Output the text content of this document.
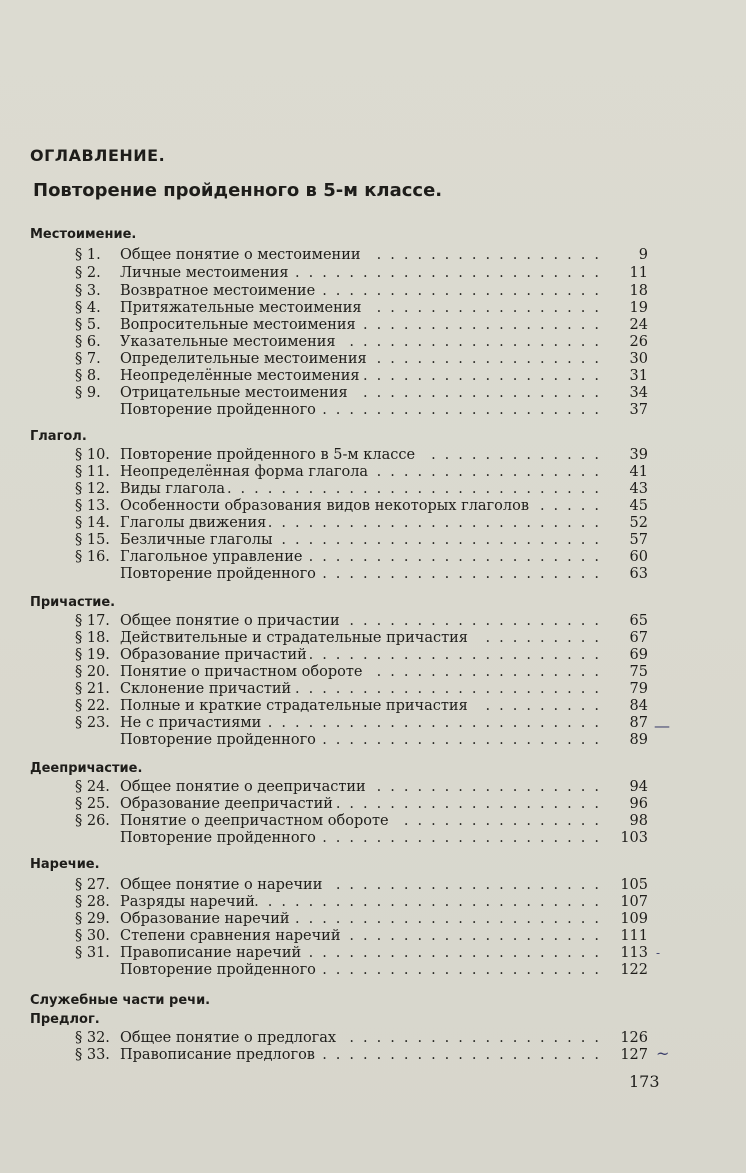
ОГЛАВЛЕНИЕ.
Повторение пройденного в 5-м классе.
Местоимение.
§ 1.	Общее понятие о местоимении .................	9
§ 2.	Личные местоимения .......................	11
§ 3.	Возвратное местоимение .....................	18
§ 4.	Притяжательные местоимения .................	19
§ 5.	Вопросительные местоимения ..................	24
§ 6.	Указательные местоимения ...................	26
§ 7.	Определительные местоимения .................	30
§ 8.	Неопределённые местоимения ..................	31
§ 9.	Отрицательные местоимения ..................	34
Повторение пройденного .....................	37
Глагол.
§ 10. Повторение пройденного в 5-м классе .............	39
§ 11. Неопределённая форма глагола .................	41
§ 12. Виды глагола ............................	43
§ 13. Особенности образования видов некоторых глаголов .....	45
§ 14. Глаголы движения .........................	52
§ 15. Безличные глаголы ........................	57
§ 16. Глагольное управление ......................	60
Повторение пройденного .....................	63
Причастие.
§ 17. Общее понятие о причастии ...................	65
§ 18. Действительные и страдательные причастия .........	67
§ 19. Образование причастий ......................	69
§ 20. Понятие о причастном обороте .................	75
§ 21. Склонение причастий .......................	79
§ 22. Полные и краткие страдательные причастия .........	84
§ 23. Не с причастиями .........................	87
Повторение пройденного .....................	89
Деепричастие.
§ 24. Общее понятие о деепричастии .................	94
§ 25. Образование деепричастий ....................	96
§ 26. Понятие о деепричастном обороте ...............	98
Повторение пройденного ..................... 103
Наречие.
§ 27. Общее понятие о наречии .................... 105
§ 28. Разряды наречий .......................... 107
§ 29. Образование наречий ....................... 109
§ 30. Степени сравнения наречий ................... 111
§ 31. Правописание наречий ...................... 113
Повторение пройденного ..................... 122
Служебные части речи.
Предлог.
§ 32. Общее понятие о предлогах ................... 126
§ 33. Правописание предлогов ..................... 127
173
—
-
~
